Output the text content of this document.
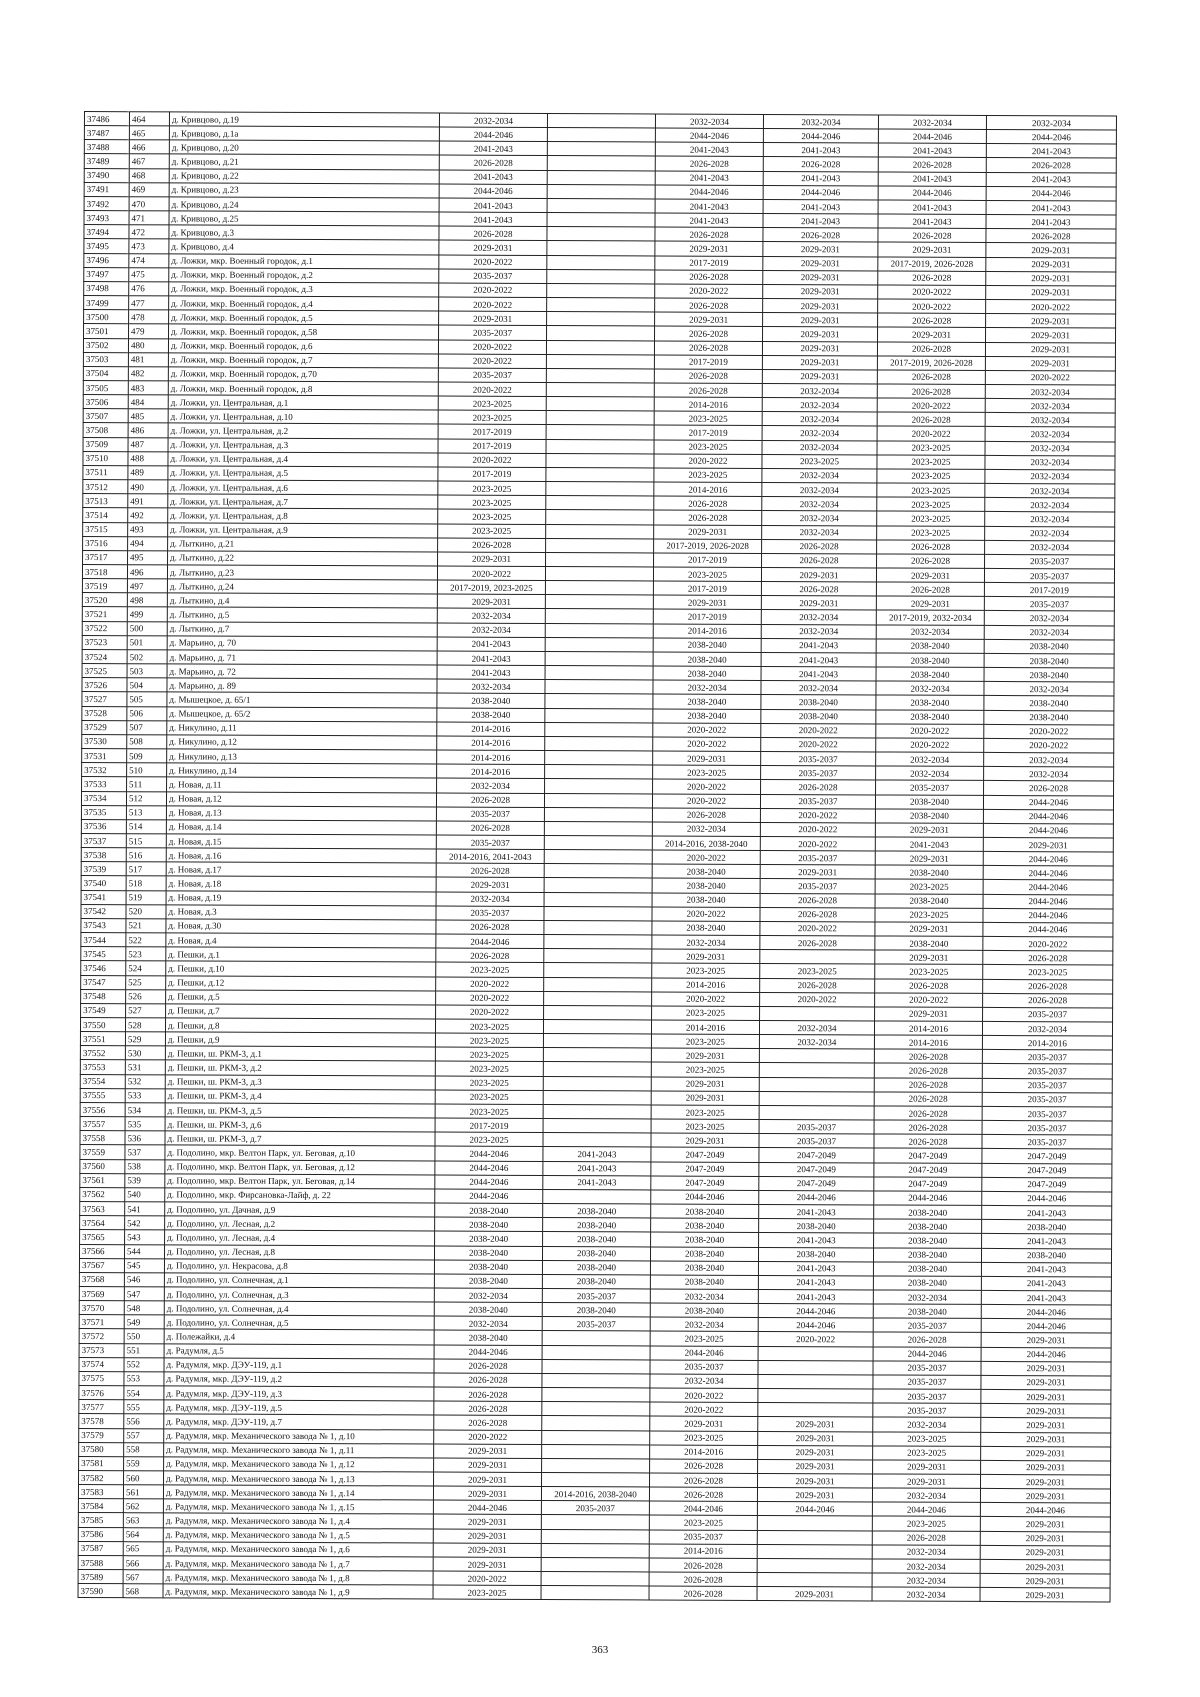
37486	464	д. Кривцово, д.19	2032-2034		2032-2034	2032-2034	2032-2034	2032-2034
37487	465	д. Кривцово, д.1а	2044-2046		2044-2046	2044-2046	2044-2046	2044-2046
37488	466	д. Кривцово, д.20	2041-2043		2041-2043	2041-2043	2041-2043	2041-2043
37489	467	д. Кривцово, д.21	2026-2028		2026-2028	2026-2028	2026-2028	2026-2028
37490	468	д. Кривцово, д.22	2041-2043		2041-2043	2041-2043	2041-2043	2041-2043
37491	469	д. Кривцово, д.23	2044-2046		2044-2046	2044-2046	2044-2046	2044-2046
37492	470	д. Кривцово, д.24	2041-2043		2041-2043	2041-2043	2041-2043	2041-2043
37493	471	д. Кривцово, д.25	2041-2043		2041-2043	2041-2043	2041-2043	2041-2043
37494	472	д. Кривцово, д.3	2026-2028		2026-2028	2026-2028	2026-2028	2026-2028
37495	473	д. Кривцово, д.4	2029-2031		2029-2031	2029-2031	2029-2031	2029-2031
37496	474	д. Ложки, мкр. Военный городок, д.1	2020-2022		2017-2019	2029-2031	2017-2019, 2026-2028	2029-2031
37497	475	д. Ложки, мкр. Военный городок, д.2	2035-2037		2026-2028	2029-2031	2026-2028	2029-2031
37498	476	д. Ложки, мкр. Военный городок, д.3	2020-2022		2020-2022	2029-2031	2020-2022	2029-2031
37499	477	д. Ложки, мкр. Военный городок, д.4	2020-2022		2026-2028	2029-2031	2020-2022	2020-2022
37500	478	д. Ложки, мкр. Военный городок, д.5	2029-2031		2029-2031	2029-2031	2026-2028	2029-2031
37501	479	д. Ложки, мкр. Военный городок, д.58	2035-2037		2026-2028	2029-2031	2029-2031	2029-2031
37502	480	д. Ложки, мкр. Военный городок, д.6	2020-2022		2026-2028	2029-2031	2026-2028	2029-2031
37503	481	д. Ложки, мкр. Военный городок, д.7	2020-2022		2017-2019	2029-2031	2017-2019, 2026-2028	2029-2031
37504	482	д. Ложки, мкр. Военный городок, д.70	2035-2037		2026-2028	2029-2031	2026-2028	2020-2022
37505	483	д. Ложки, мкр. Военный городок, д.8	2020-2022		2026-2028	2032-2034	2026-2028	2032-2034
37506	484	д. Ложки, ул. Центральная, д.1	2023-2025		2014-2016	2032-2034	2020-2022	2032-2034
37507	485	д. Ложки, ул. Центральная, д.10	2023-2025		2023-2025	2032-2034	2026-2028	2032-2034
37508	486	д. Ложки, ул. Центральная, д.2	2017-2019		2017-2019	2032-2034	2020-2022	2032-2034
37509	487	д. Ложки, ул. Центральная, д.3	2017-2019		2023-2025	2032-2034	2023-2025	2032-2034
37510	488	д. Ложки, ул. Центральная, д.4	2020-2022		2020-2022	2023-2025	2023-2025	2032-2034
37511	489	д. Ложки, ул. Центральная, д.5	2017-2019		2023-2025	2032-2034	2023-2025	2032-2034
37512	490	д. Ложки, ул. Центральная, д.6	2023-2025		2014-2016	2032-2034	2023-2025	2032-2034
37513	491	д. Ложки, ул. Центральная, д.7	2023-2025		2026-2028	2032-2034	2023-2025	2032-2034
37514	492	д. Ложки, ул. Центральная, д.8	2023-2025		2026-2028	2032-2034	2023-2025	2032-2034
37515	493	д. Ложки, ул. Центральная, д.9	2023-2025		2029-2031	2032-2034	2023-2025	2032-2034
37516	494	д. Лыткино, д.21	2026-2028		2017-2019, 2026-2028	2026-2028	2026-2028	2032-2034
37517	495	д. Лыткино, д.22	2029-2031		2017-2019	2026-2028	2026-2028	2035-2037
37518	496	д. Лыткино, д.23	2020-2022		2023-2025	2029-2031	2029-2031	2035-2037
37519	497	д. Лыткино, д.24	2017-2019, 2023-2025		2017-2019	2026-2028	2026-2028	2017-2019
37520	498	д. Лыткино, д.4	2029-2031		2029-2031	2029-2031	2029-2031	2035-2037
37521	499	д. Лыткино, д.5	2032-2034		2017-2019	2032-2034	2017-2019, 2032-2034	2032-2034
37522	500	д. Лыткино, д.7	2032-2034		2014-2016	2032-2034	2032-2034	2032-2034
37523	501	д. Марьино, д. 70	2041-2043		2038-2040	2041-2043	2038-2040	2038-2040
37524	502	д. Марьино, д. 71	2041-2043		2038-2040	2041-2043	2038-2040	2038-2040
37525	503	д. Марьино, д. 72	2041-2043		2038-2040	2041-2043	2038-2040	2038-2040
37526	504	д. Марьино, д. 89	2032-2034		2032-2034	2032-2034	2032-2034	2032-2034
37527	505	д. Мышецкое, д. 65/1	2038-2040		2038-2040	2038-2040	2038-2040	2038-2040
37528	506	д. Мышецкое, д. 65/2	2038-2040		2038-2040	2038-2040	2038-2040	2038-2040
37529	507	д. Никулино, д.11	2014-2016		2020-2022	2020-2022	2020-2022	2020-2022
37530	508	д. Никулино, д.12	2014-2016		2020-2022	2020-2022	2020-2022	2020-2022
37531	509	д. Никулино, д.13	2014-2016		2029-2031	2035-2037	2032-2034	2032-2034
37532	510	д. Никулино, д.14	2014-2016		2023-2025	2035-2037	2032-2034	2032-2034
37533	511	д. Новая, д.11	2032-2034		2020-2022	2026-2028	2035-2037	2026-2028
37534	512	д. Новая, д.12	2026-2028		2020-2022	2035-2037	2038-2040	2044-2046
37535	513	д. Новая, д.13	2035-2037		2026-2028	2020-2022	2038-2040	2044-2046
37536	514	д. Новая, д.14	2026-2028		2032-2034	2020-2022	2029-2031	2044-2046
37537	515	д. Новая, д.15	2035-2037		2014-2016, 2038-2040	2020-2022	2041-2043	2029-2031
37538	516	д. Новая, д.16	2014-2016, 2041-2043		2020-2022	2035-2037	2029-2031	2044-2046
37539	517	д. Новая, д.17	2026-2028		2038-2040	2029-2031	2038-2040	2044-2046
37540	518	д. Новая, д.18	2029-2031		2038-2040	2035-2037	2023-2025	2044-2046
37541	519	д. Новая, д.19	2032-2034		2038-2040	2026-2028	2038-2040	2044-2046
37542	520	д. Новая, д.3	2035-2037		2020-2022	2026-2028	2023-2025	2044-2046
37543	521	д. Новая, д.30	2026-2028		2038-2040	2020-2022	2029-2031	2044-2046
37544	522	д. Новая, д.4	2044-2046		2032-2034	2026-2028	2038-2040	2020-2022
37545	523	д. Пешки, д.1	2026-2028		2029-2031		2029-2031	2026-2028
37546	524	д. Пешки, д.10	2023-2025		2023-2025	2023-2025	2023-2025	2023-2025
37547	525	д. Пешки, д.12	2020-2022		2014-2016	2026-2028	2026-2028	2026-2028
37548	526	д. Пешки, д.5	2020-2022		2020-2022	2020-2022	2020-2022	2026-2028
37549	527	д. Пешки, д.7	2020-2022		2023-2025		2029-2031	2035-2037
37550	528	д. Пешки, д.8	2023-2025		2014-2016	2032-2034	2014-2016	2032-2034
37551	529	д. Пешки, д.9	2023-2025		2023-2025	2032-2034	2014-2016	2014-2016
37552	530	д. Пешки, ш. РКМ-3, д.1	2023-2025		2029-2031		2026-2028	2035-2037
37553	531	д. Пешки, ш. РКМ-3, д.2	2023-2025		2023-2025		2026-2028	2035-2037
37554	532	д. Пешки, ш. РКМ-3, д.3	2023-2025		2029-2031		2026-2028	2035-2037
37555	533	д. Пешки, ш. РКМ-3, д.4	2023-2025		2029-2031		2026-2028	2035-2037
37556	534	д. Пешки, ш. РКМ-3, д.5	2023-2025		2023-2025		2026-2028	2035-2037
37557	535	д. Пешки, ш. РКМ-3, д.6	2017-2019		2023-2025	2035-2037	2026-2028	2035-2037
37558	536	д. Пешки, ш. РКМ-3, д.7	2023-2025		2029-2031	2035-2037	2026-2028	2035-2037
37559	537	д. Подолино, мкр. Велтон Парк, ул. Беговая, д.10	2044-2046	2041-2043	2047-2049	2047-2049	2047-2049	2047-2049
37560	538	д. Подолино, мкр. Велтон Парк, ул. Беговая, д.12	2044-2046	2041-2043	2047-2049	2047-2049	2047-2049	2047-2049
37561	539	д. Подолино, мкр. Велтон Парк, ул. Беговая, д.14	2044-2046	2041-2043	2047-2049	2047-2049	2047-2049	2047-2049
37562	540	д. Подолино, мкр. Фирсановка-Лайф, д. 22	2044-2046		2044-2046	2044-2046	2044-2046	2044-2046
37563	541	д. Подолино, ул. Дачная, д.9	2038-2040	2038-2040	2038-2040	2041-2043	2038-2040	2041-2043
37564	542	д. Подолино, ул. Лесная, д.2	2038-2040	2038-2040	2038-2040	2038-2040	2038-2040	2038-2040
37565	543	д. Подолино, ул. Лесная, д.4	2038-2040	2038-2040	2038-2040	2041-2043	2038-2040	2041-2043
37566	544	д. Подолино, ул. Лесная, д.8	2038-2040	2038-2040	2038-2040	2038-2040	2038-2040	2038-2040
37567	545	д. Подолино, ул. Некрасова, д.8	2038-2040	2038-2040	2038-2040	2041-2043	2038-2040	2041-2043
37568	546	д. Подолино, ул. Солнечная, д.1	2038-2040	2038-2040	2038-2040	2041-2043	2038-2040	2041-2043
37569	547	д. Подолино, ул. Солнечная, д.3	2032-2034	2035-2037	2032-2034	2041-2043	2032-2034	2041-2043
37570	548	д. Подолино, ул. Солнечная, д.4	2038-2040	2038-2040	2038-2040	2044-2046	2038-2040	2044-2046
37571	549	д. Подолино, ул. Солнечная, д.5	2032-2034	2035-2037	2032-2034	2044-2046	2035-2037	2044-2046
37572	550	д. Полежайки, д.4	2038-2040		2023-2025	2020-2022	2026-2028	2029-2031
37573	551	д. Радумля, д.5	2044-2046		2044-2046		2044-2046	2044-2046
37574	552	д. Радумля, мкр. ДЭУ-119, д.1	2026-2028		2035-2037		2035-2037	2029-2031
37575	553	д. Радумля, мкр. ДЭУ-119, д.2	2026-2028		2032-2034		2035-2037	2029-2031
37576	554	д. Радумля, мкр. ДЭУ-119, д.3	2026-2028		2020-2022		2035-2037	2029-2031
37577	555	д. Радумля, мкр. ДЭУ-119, д.5	2026-2028		2020-2022		2035-2037	2029-2031
37578	556	д. Радумля, мкр. ДЭУ-119, д.7	2026-2028		2029-2031	2029-2031	2032-2034	2029-2031
37579	557	д. Радумля, мкр. Механического завода № 1, д.10	2020-2022		2023-2025	2029-2031	2023-2025	2029-2031
37580	558	д. Радумля, мкр. Механического завода № 1, д.11	2029-2031		2014-2016	2029-2031	2023-2025	2029-2031
37581	559	д. Радумля, мкр. Механического завода № 1, д.12	2029-2031		2026-2028	2029-2031	2029-2031	2029-2031
37582	560	д. Радумля, мкр. Механического завода № 1, д.13	2029-2031		2026-2028	2029-2031	2029-2031	2029-2031
37583	561	д. Радумля, мкр. Механического завода № 1, д.14	2029-2031	2014-2016, 2038-2040	2026-2028	2029-2031	2032-2034	2029-2031
37584	562	д. Радумля, мкр. Механического завода № 1, д.15	2044-2046	2035-2037	2044-2046	2044-2046	2044-2046	2044-2046
37585	563	д. Радумля, мкр. Механического завода № 1, д.4	2029-2031		2023-2025		2023-2025	2029-2031
37586	564	д. Радумля, мкр. Механического завода № 1, д.5	2029-2031		2035-2037		2026-2028	2029-2031
37587	565	д. Радумля, мкр. Механического завода № 1, д.6	2029-2031		2014-2016		2032-2034	2029-2031
37588	566	д. Радумля, мкр. Механического завода № 1, д.7	2029-2031		2026-2028		2032-2034	2029-2031
37589	567	д. Радумля, мкр. Механического завода № 1, д.8	2020-2022		2026-2028		2032-2034	2029-2031
37590	568	д. Радумля, мкр. Механического завода № 1, д.9	2023-2025		2026-2028	2029-2031	2032-2034	2029-2031
363
